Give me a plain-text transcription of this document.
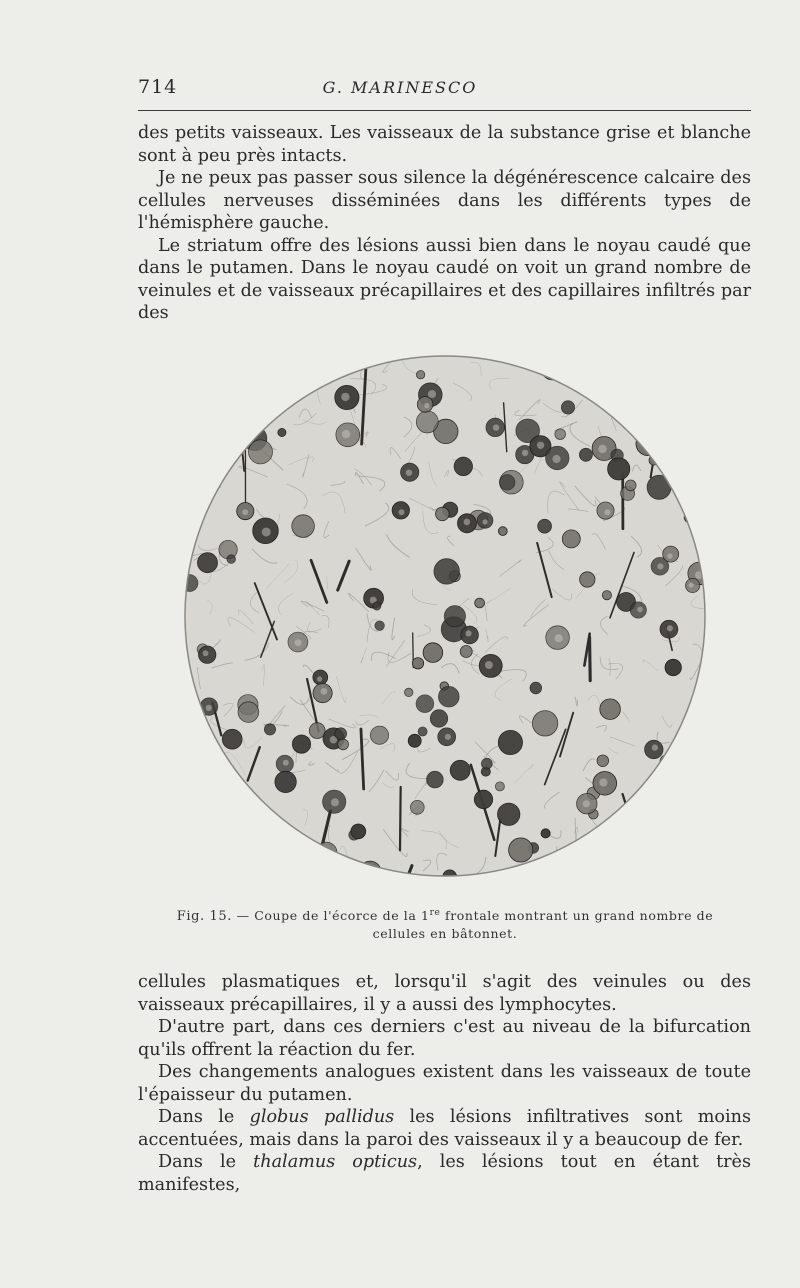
714	G. MARINESCO

des petits vaisseaux. Les vaisseaux de la substance grise et blanche sont à peu près intacts.

Je ne peux pas passer sous silence la dégénérescence calcaire des cellules nerveuses disséminées dans les différents types de l'hémisphère gauche.

Le striatum offre des lésions aussi bien dans le noyau caudé que dans le putamen. Dans le noyau caudé on voit un grand nombre de veinules et de vaisseaux précapillaires et des capillaires infiltrés par des

Fig. 15. — Coupe de l'écorce de la 1re frontale montrant un grand nombre de cellules en bâtonnet.

cellules plasmatiques et, lorsqu'il s'agit des veinules ou des vaisseaux précapillaires, il y a aussi des lymphocytes.

D'autre part, dans ces derniers c'est au niveau de la bifurcation qu'ils offrent la réaction du fer.

Des changements analogues existent dans les vaisseaux de toute l'épaisseur du putamen.

Dans le globus pallidus les lésions infiltratives sont moins accentuées, mais dans la paroi des vaisseaux il y a beaucoup de fer.

Dans le thalamus opticus, les lésions tout en étant très manifestes,
